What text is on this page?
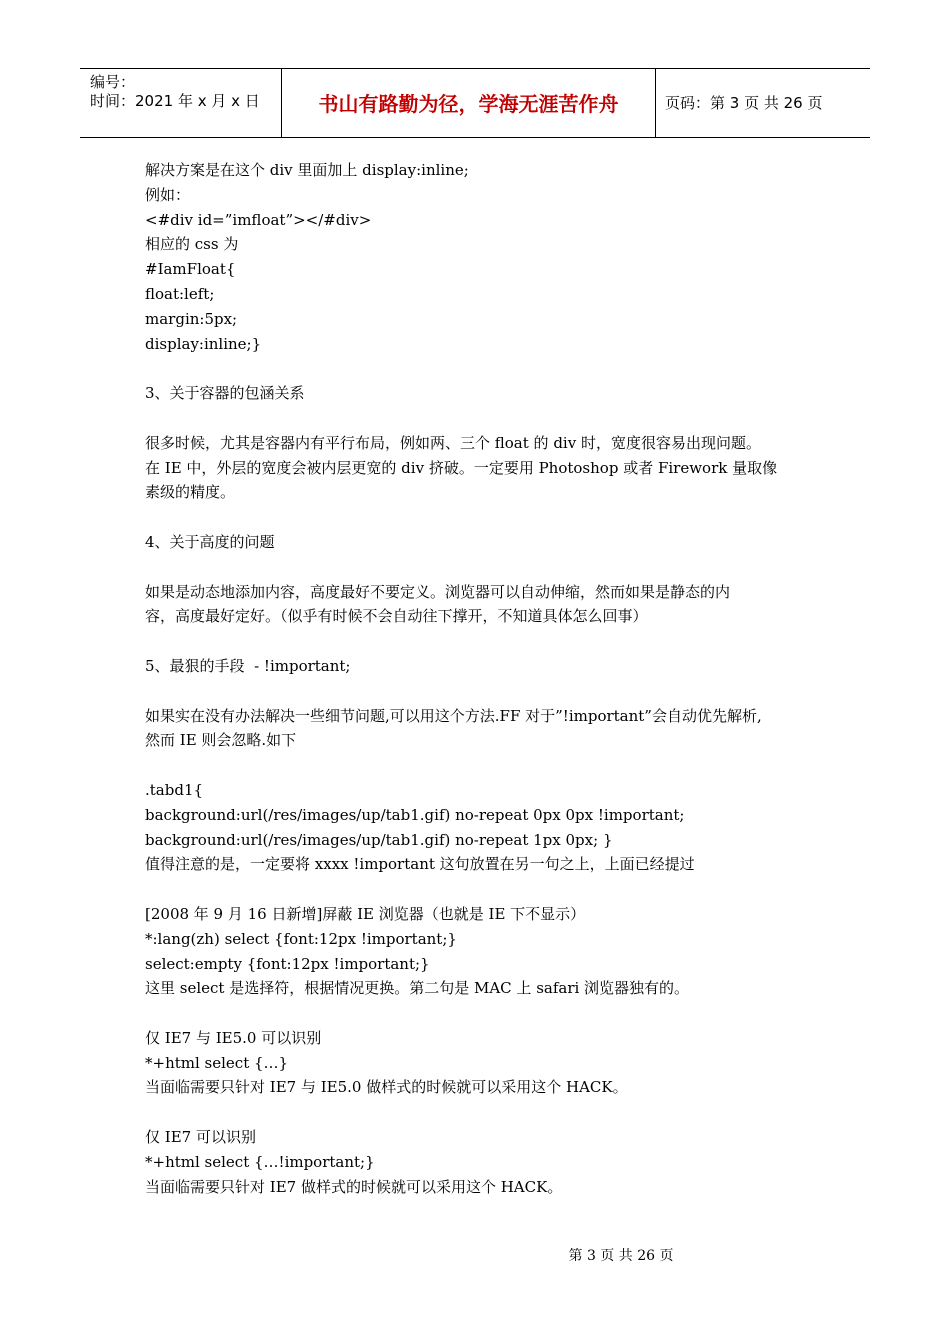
编号：
时间：2021 年 x 月 x 日	书山有路勤为径，学海无涯苦作舟	页码：第 3 页 共 26 页
解决方案是在这个 div 里面加上 display:inline;
例如：
<#div id=”imfloat”></#div>
相应的 css 为
#IamFloat{
float:left;
margin:5px;
display:inline;}
3、关于容器的包涵关系
很多时候，尤其是容器内有平行布局，例如两、三个 float 的 div 时，宽度很容易出现问题。
在 IE 中，外层的宽度会被内层更宽的 div 挤破。一定要用 Photoshop 或者 Firework 量取像
素级的精度。
4、关于高度的问题
如果是动态地添加内容，高度最好不要定义。浏览器可以自动伸缩，然而如果是静态的内
容，高度最好定好。（似乎有时候不会自动往下撑开，不知道具体怎么回事）
5、最狠的手段  - !important;
如果实在没有办法解决一些细节问题,可以用这个方法.FF 对于”!important”会自动优先解析,
然而 IE 则会忽略.如下
.tabd1{
background:url(/res/images/up/tab1.gif) no-repeat 0px 0px !important;
background:url(/res/images/up/tab1.gif) no-repeat 1px 0px; }
值得注意的是，一定要将 xxxx !important 这句放置在另一句之上，上面已经提过
[2008 年 9 月 16 日新增]屏蔽 IE 浏览器（也就是 IE 下不显示）
*:lang(zh) select {font:12px !important;}
select:empty {font:12px !important;}
这里 select 是选择符，根据情况更换。第二句是 MAC 上 safari 浏览器独有的。
仅 IE7 与 IE5.0 可以识别
*+html select {…}
当面临需要只针对 IE7 与 IE5.0 做样式的时候就可以采用这个 HACK。
仅 IE7 可以识别
*+html select {…!important;}
当面临需要只针对 IE7 做样式的时候就可以采用这个 HACK。
第 3 页 共 26 页
